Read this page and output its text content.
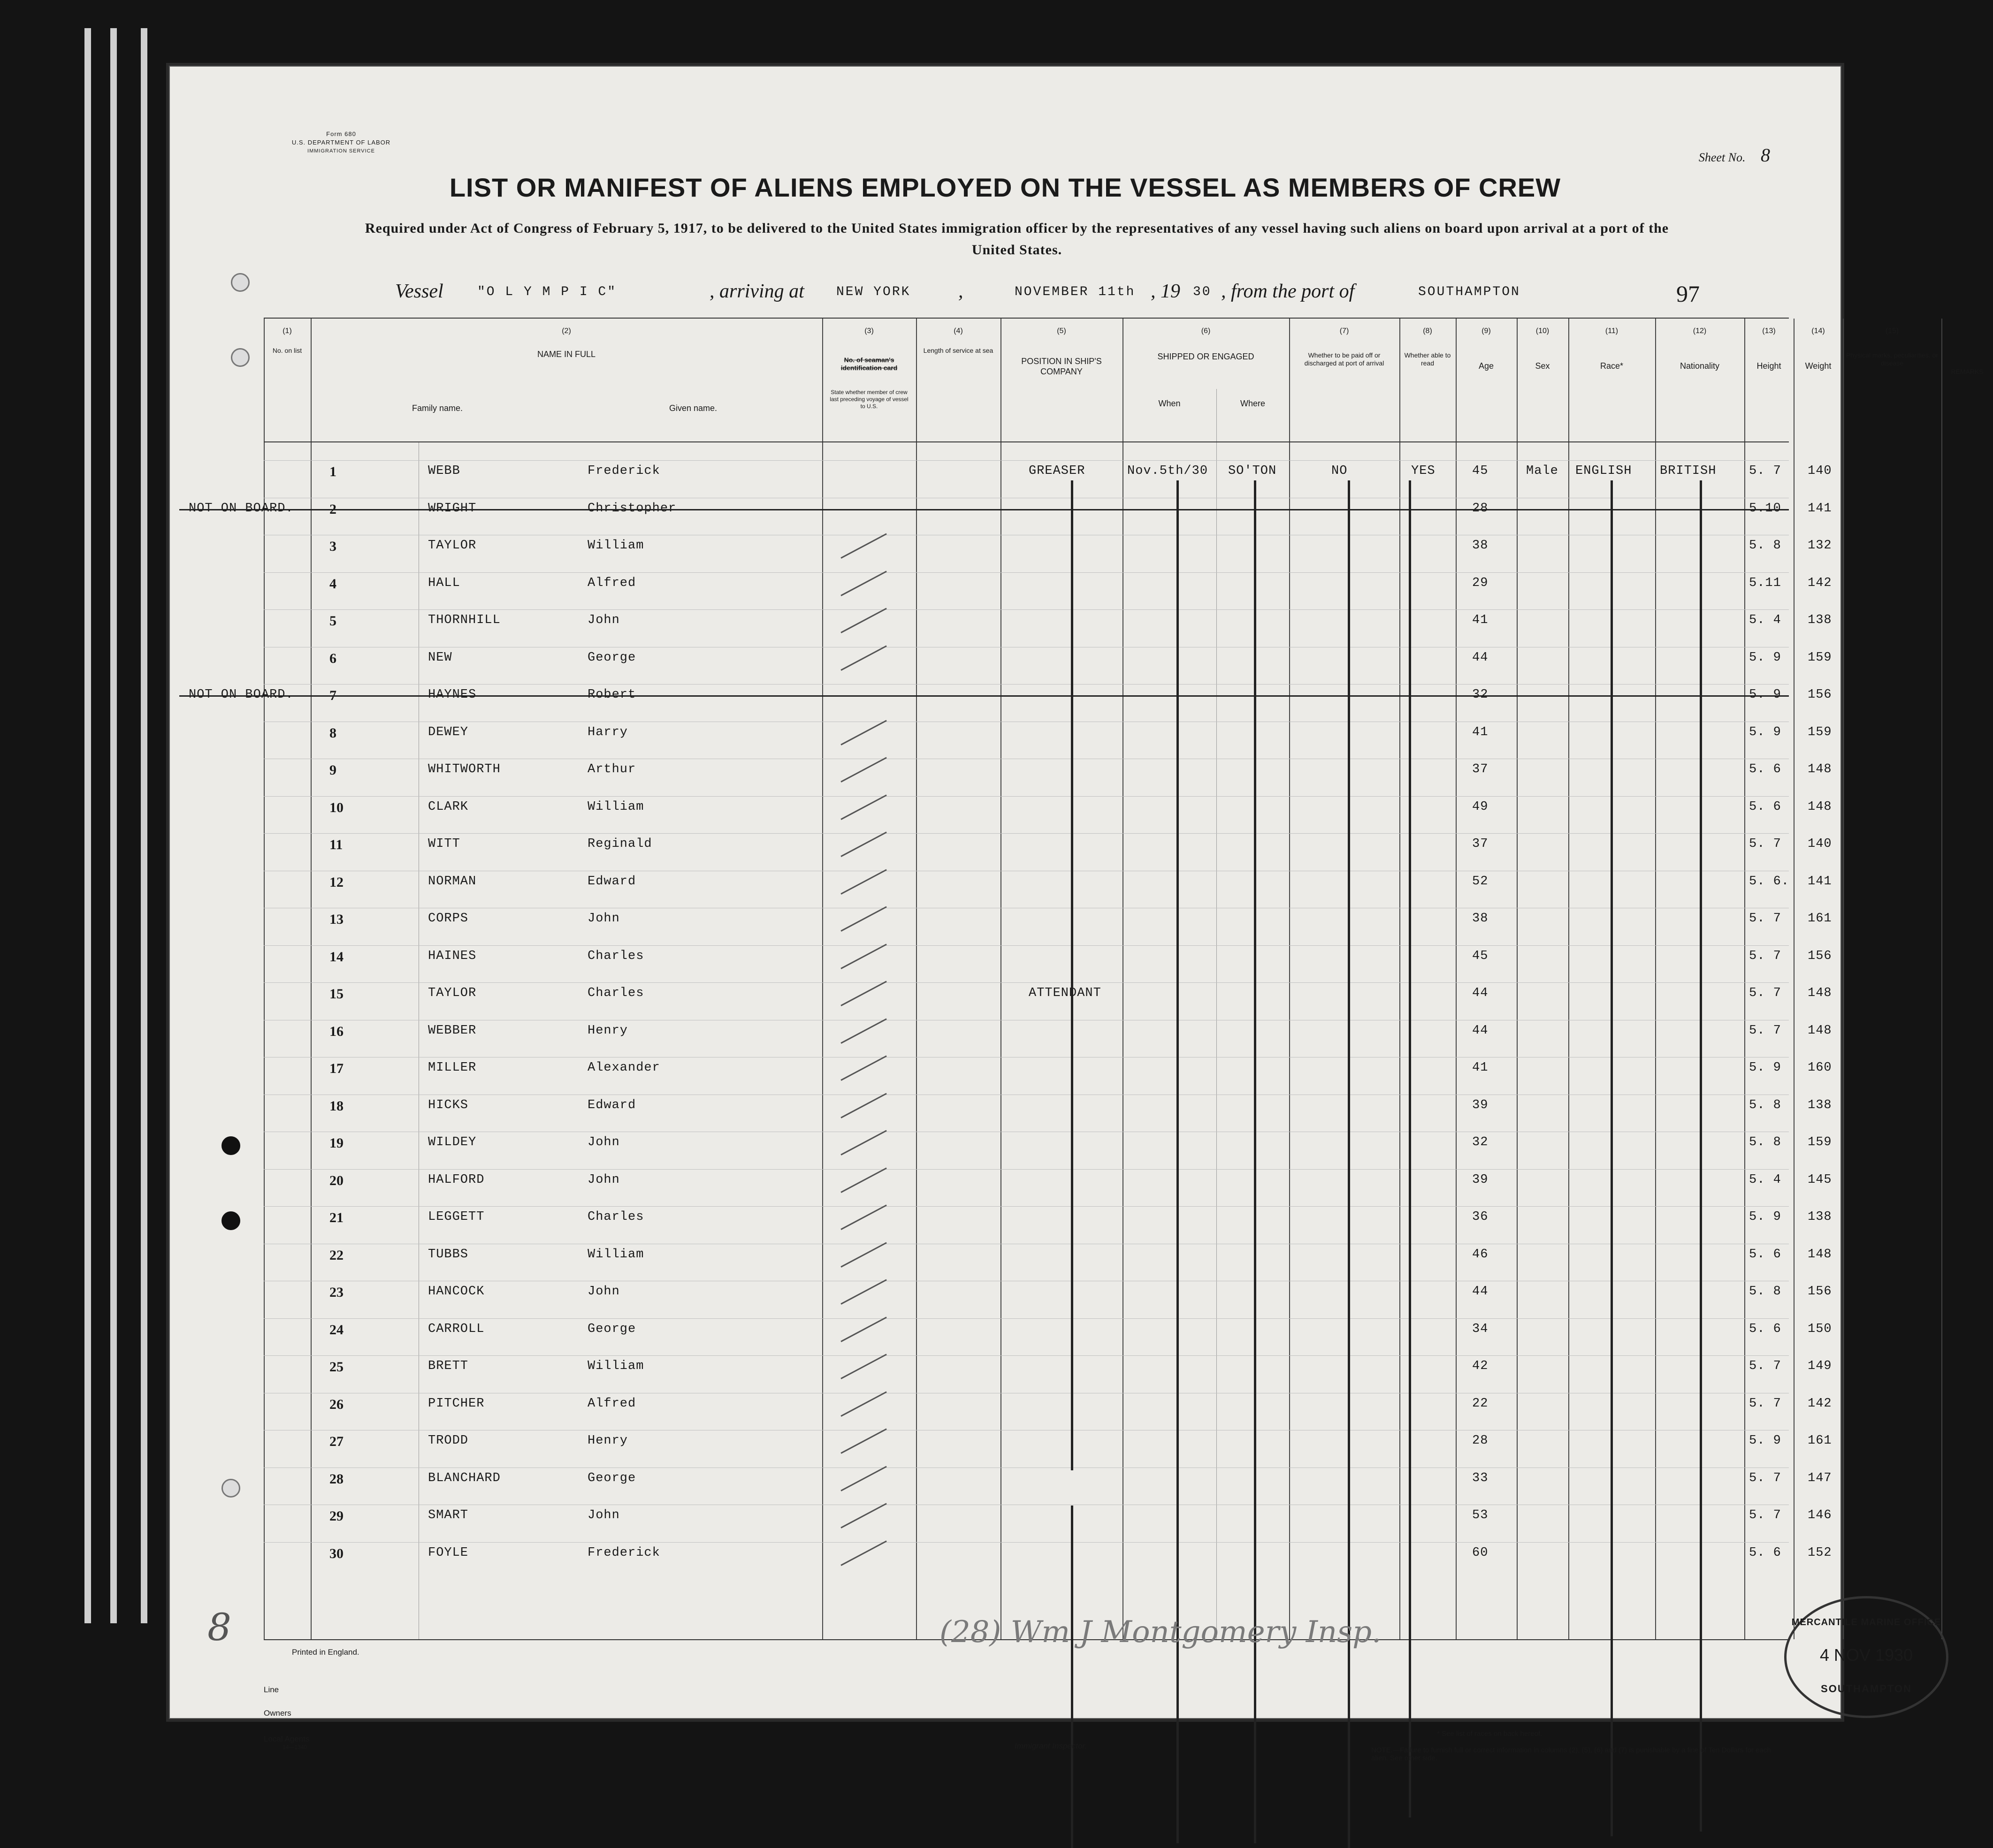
Form 680
U.S. DEPARTMENT OF LABOR
IMMIGRATION SERVICE	Sheet No. 8
LIST OR MANIFEST OF ALIENS EMPLOYED ON THE VESSEL AS MEMBERS OF CREW
Required under Act of Congress of February 5, 1917, to be delivered to the United States immigration officer by the representatives of any vessel having such aliens on board upon arrival at a port of the United States.
Vessel	"O L Y M P I C"	, arriving at NEW YORK ,	NOVEMBER 11th , 19 30 , from the port of	SOUTHAMPTON	97
(1)
No. on list
(2)
NAME IN FULL
Family name.	Given name.
(3)
No. of seaman's identification card
State whether member of crew last preceding voyage of vessel to U.S.
(4)
Length of service at sea
(5)
POSITION IN SHIP'S COMPANY
(6)
SHIPPED OR ENGAGED
When	Where
(7)
Whether to be paid off or discharged at port of arrival
(8)
Whether able to read
(9)
Age
(10)
Sex
(11)
Race*
(12)
Nationality
(13)
Height
(14)
Weight
(15)
Physical marks, peculiarities, or disease
REMARKS
1	WEBB	Frederick	GREASER	Nov.5th/30 SO'TON	NO	YES	45	Male ENGLISH BRITISH	5. 7 140
2	WRIGHT	Christopher	28	5.10 141
NOT ON BOARD.
3	TAYLOR	William	38	5. 8 132
4	HALL	Alfred	29	5.11 142
5	THORNHILL	John	41	5. 4 138
6	NEW	George	44	5. 9 159
7	HAYNES	Robert	32	5. 9 156
NOT ON BOARD.
8	DEWEY	Harry	41	5. 9 159
9	WHITWORTH	Arthur	37	5. 6 148
10	CLARK	William	49	5. 6 148
11	WITT	Reginald	37	5. 7 140
12	NORMAN	Edward	52	5. 6. 141
13	CORPS	John	38	5. 7 161
14	HAINES	Charles	45	5. 7 156
15	TAYLOR	Charles	ATTENDANT	44	5. 7 148
16	WEBBER	Henry	44	5. 7 148
17	MILLER	Alexander	41	5. 9 160
18	HICKS	Edward	39	5. 8 138
19	WILDEY	John	32	5. 8 159
20	HALFORD	John	39	5. 4 145
21	LEGGETT	Charles	36	5. 9 138
22	TUBBS	William	46	5. 6 148
23	HANCOCK	John	44	5. 8 156
24	CARROLL	George	34	5. 6 150
25	BRETT	William	42	5. 7 149
26	PITCHER	Alfred	22	5. 7 142
27	TRODD	Henry	28	5. 9 161
28	BLANCHARD	George	33	5. 7 147
29	SMART	John	53	5. 7 146
30	FOYLE	Frederick	60	5. 6 152
Printed in England.
Line
Owners
Local Agents
14—1340	Immigrant Inspector.
* See list of races on back hereof.
NOTE.—Failure to furnish full or correct information in columns (2), (5), (6) and (7) is punishable by a fine of Ten Dollars for each alien. See other side.
(28) Wm J Montgomery Insp.
8	MERCANTILE MARINE OFFICE
4 NOV 1930
SOUTHAMPTON
